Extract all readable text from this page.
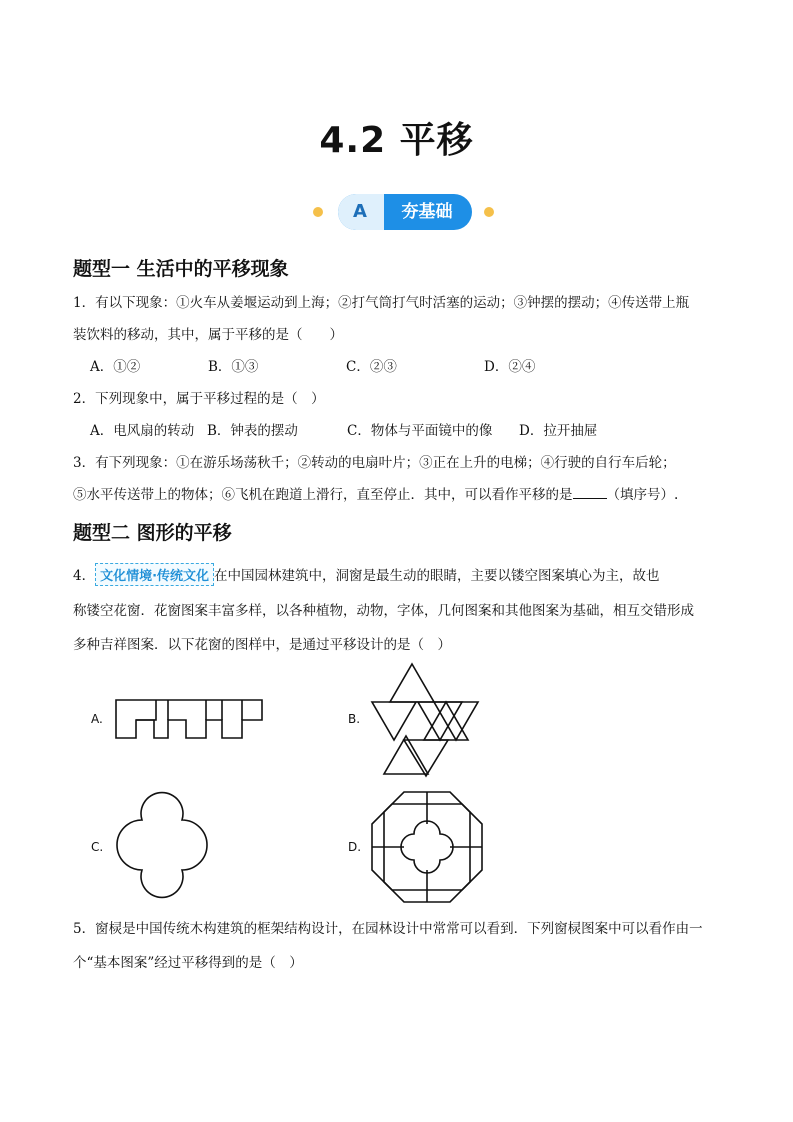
4.2 平移
A	夯基础
题型一 生活中的平移现象
1．有以下现象：①火车从姜堰运动到上海；②打气筒打气时活塞的运动；③钟摆的摆动；④传送带上瓶
装饮料的移动，其中，属于平移的是（　　）
A．①②	B．①③	C．②③	D．②④
2．下列现象中，属于平移过程的是（　）
A．电风扇的转动 B．钟表的摆动	C．物体与平面镜中的像 D．拉开抽屉
3．有下列现象：①在游乐场荡秋千；②转动的电扇叶片；③正在上升的电梯；④行驶的自行车后轮；
⑤水平传送带上的物体；⑥飞机在跑道上滑行，直至停止．其中，可以看作平移的是	（填序号）.
题型二 图形的平移
4． 文化情境·传统文化 在中国园林建筑中，洞窗是最生动的眼睛，主要以镂空图案填心为主，故也
称镂空花窗．花窗图案丰富多样，以各种植物，动物，字体，几何图案和其他图案为基础，相互交错形成
多种吉祥图案．以下花窗的图样中，是通过平移设计的是（　）
A.	B.
C.	D.
5．窗棂是中国传统木构建筑的框架结构设计，在园林设计中常常可以看到．下列窗棂图案中可以看作由一
个“基本图案”经过平移得到的是（　）
